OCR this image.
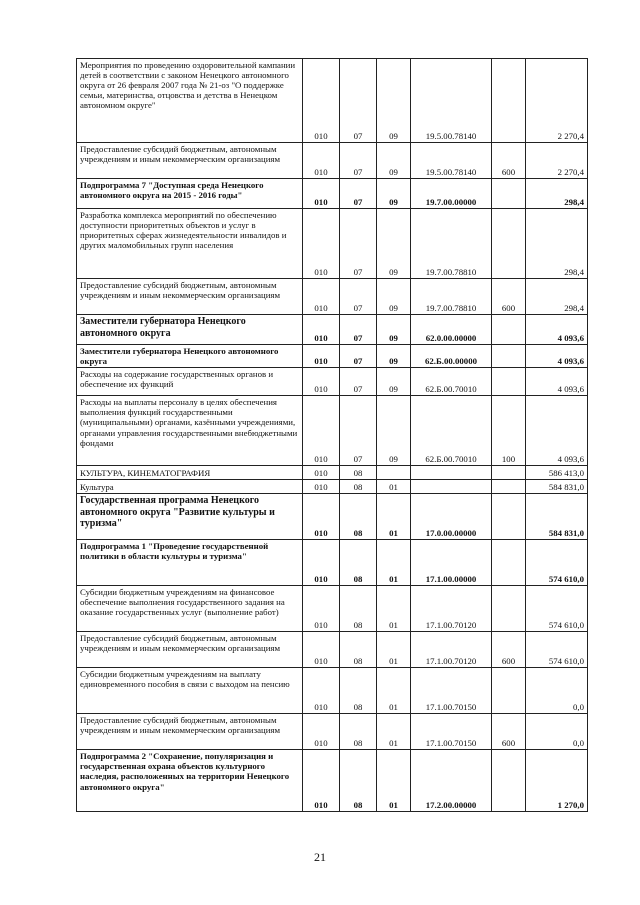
Мероприятия по проведению оздоровительной кампании детей в соответствии с законом Ненецкого автономного округа от 26 февраля 2007 года № 21-оз "О поддержке семьи, материнства, отцовства и детства в Ненецком автономном округе"	010	07	09	19.5.00.78140		2 270,4
Предоставление субсидий бюджетным, автономным учреждениям и иным некоммерческим организациям	010	07	09	19.5.00.78140	600	2 270,4
Подпрограмма 7 "Доступная среда Ненецкого автономного округа на 2015 - 2016 годы"	010	07	09	19.7.00.00000		298,4
Разработка комплекса мероприятий по обеспечению доступности приоритетных объектов и услуг в приоритетных сферах жизнедеятельности инвалидов и других маломобильных групп населения	010	07	09	19.7.00.78810		298,4
Предоставление субсидий бюджетным, автономным учреждениям и иным некоммерческим организациям	010	07	09	19.7.00.78810	600	298,4
Заместители губернатора Ненецкого автономного округа	010	07	09	62.0.00.00000		4 093,6
Заместители губернатора Ненецкого автономного округа	010	07	09	62.Б.00.00000		4 093,6
Расходы на содержание государственных органов и обеспечение их функций	010	07	09	62.Б.00.70010		4 093,6
Расходы на выплаты персоналу в целях обеспечения выполнения функций государственными (муниципальными) органами, казёнными учреждениями, органами управления государственными внебюджетными фондами	010	07	09	62.Б.00.70010	100	4 093,6
КУЛЬТУРА, КИНЕМАТОГРАФИЯ	010	08				586 413,0
Культура	010	08	01			584 831,0
Государственная программа Ненецкого автономного округа "Развитие культуры и туризма"	010	08	01	17.0.00.00000		584 831,0
Подпрограмма 1 "Проведение государственной политики в области культуры и туризма"	010	08	01	17.1.00.00000		574 610,0
Субсидии бюджетным учреждениям на финансовое обеспечение выполнения государственного задания на оказание государственных услуг (выполнение работ)	010	08	01	17.1.00.70120		574 610,0
Предоставление субсидий бюджетным, автономным учреждениям и иным некоммерческим организациям	010	08	01	17.1.00.70120	600	574 610,0
Субсидии бюджетным учреждениям на выплату единовременного пособия в связи с выходом на пенсию	010	08	01	17.1.00.70150		0,0
Предоставление субсидий бюджетным, автономным учреждениям и иным некоммерческим организациям	010	08	01	17.1.00.70150	600	0,0
Подпрограмма 2 "Сохранение, популяризация и государственная охрана объектов культурного наследия, расположенных на территории Ненецкого автономного округа"	010	08	01	17.2.00.00000		1 270,0
21
